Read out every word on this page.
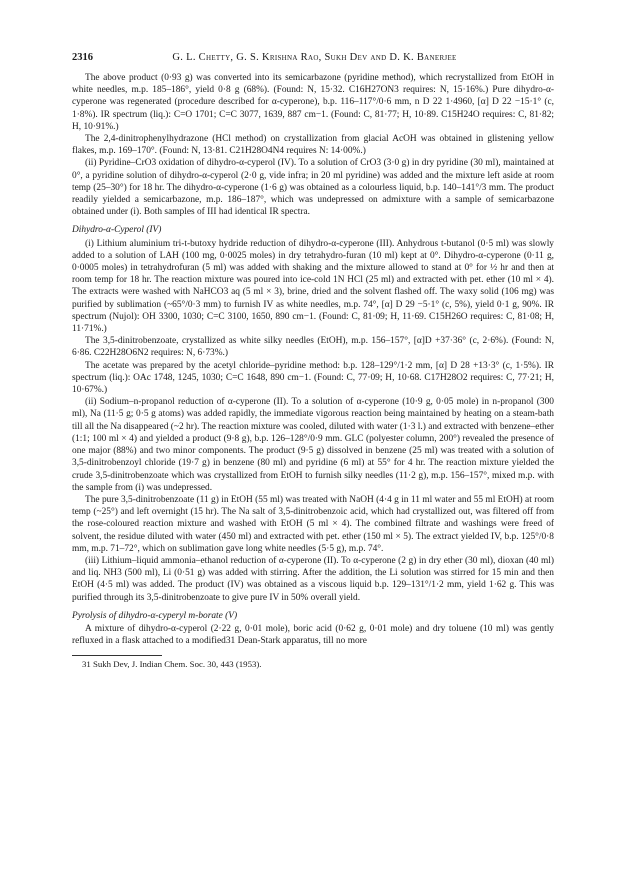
2316	G. L. Chetty, G. S. Krishna Rao, Sukh Dev and D. K. Banerjee

The above product (0·93 g) was converted into its semicarbazone (pyridine method), which recrystallized from EtOH in white needles, m.p. 185–186°, yield 0·8 g (68%). (Found: N, 15·32. C16H27ON3 requires: N, 15·16%.) Pure dihydro-α-cyperone was regenerated (procedure described for α-cyperone), b.p. 116–117°/0·6 mm, n D 22 1·4960, [α] D 22 −15·1° (c, 1·8%). IR spectrum (liq.): C=O 1701; C=C 3077, 1639, 887 cm−1. (Found: C, 81·77; H, 10·89. C15H24O requires: C, 81·82; H, 10·91%.)

The 2,4-dinitrophenylhydrazone (HCl method) on crystallization from glacial AcOH was obtained in glistening yellow flakes, m.p. 169–170°. (Found: N, 13·81. C21H28O4N4 requires N: 14·00%.)

(ii) Pyridine–CrO3 oxidation of dihydro-α-cyperol (IV). To a solution of CrO3 (3·0 g) in dry pyridine (30 ml), maintained at 0°, a pyridine solution of dihydro-α-cyperol (2·0 g, vide infra; in 20 ml pyridine) was added and the mixture left aside at room temp (25–30°) for 18 hr. The dihydro-α-cyperone (1·6 g) was obtained as a colourless liquid, b.p. 140–141°/3 mm. The product readily yielded a semicarbazone, m.p. 186–187°, which was undepressed on admixture with a sample of semicarbazone obtained under (i). Both samples of III had identical IR spectra.

Dihydro-α-Cyperol (IV)

(i) Lithium aluminium tri-t-butoxy hydride reduction of dihydro-α-cyperone (III). Anhydrous t-butanol (0·5 ml) was slowly added to a solution of LAH (100 mg, 0·0025 moles) in dry tetrahydro-furan (10 ml) kept at 0°. Dihydro-α-cyperone (0·11 g, 0·0005 moles) in tetrahydrofuran (5 ml) was added with shaking and the mixture allowed to stand at 0° for ½ hr and then at room temp for 18 hr. The reaction mixture was poured into ice-cold 1N HCl (25 ml) and extracted with pet. ether (10 ml × 4). The extracts were washed with NaHCO3 aq (5 ml × 3), brine, dried and the solvent flashed off. The waxy solid (106 mg) was purified by sublimation (~65°/0·3 mm) to furnish IV as white needles, m.p. 74°, [α] D 29 −5·1° (c, 5%), yield 0·1 g, 90%. IR spectrum (Nujol): OH 3300, 1030; C=C 3100, 1650, 890 cm−1. (Found: C, 81·09; H, 11·69. C15H26O requires: C, 81·08; H, 11·71%.)

The 3,5-dinitrobenzoate, crystallized as white silky needles (EtOH), m.p. 156–157°, [α]D +37·36° (c, 2·6%). (Found: N, 6·86. C22H28O6N2 requires: N, 6·73%.)

The acetate was prepared by the acetyl chloride–pyridine method: b.p. 128–129°/1·2 mm, [α] D 28 +13·3° (c, 1·5%). IR spectrum (liq.): OAc 1748, 1245, 1030; C=C 1648, 890 cm−1. (Found: C, 77·09; H, 10·68. C17H28O2 requires: C, 77·21; H, 10·67%.)

(ii) Sodium–n-propanol reduction of α-cyperone (II). To a solution of α-cyperone (10·9 g, 0·05 mole) in n-propanol (300 ml), Na (11·5 g; 0·5 g atoms) was added rapidly, the immediate vigorous reaction being maintained by heating on a steam-bath till all the Na disappeared (~2 hr). The reaction mixture was cooled, diluted with water (1·3 l.) and extracted with benzene–ether (1:1; 100 ml × 4) and yielded a product (9·8 g), b.p. 126–128°/0·9 mm. GLC (polyester column, 200°) revealed the presence of one major (88%) and two minor components. The product (9·5 g) dissolved in benzene (25 ml) was treated with a solution of 3,5-dinitrobenzoyl chloride (19·7 g) in benzene (80 ml) and pyridine (6 ml) at 55° for 4 hr. The reaction mixture yielded the crude 3,5-dinitrobenzoate which was crystallized from EtOH to furnish silky needles (11·2 g), m.p. 156–157°, mixed m.p. with the sample from (i) was undepressed.

The pure 3,5-dinitrobenzoate (11 g) in EtOH (55 ml) was treated with NaOH (4·4 g in 11 ml water and 55 ml EtOH) at room temp (~25°) and left overnight (15 hr). The Na salt of 3,5-dinitrobenzoic acid, which had crystallized out, was filtered off from the rose-coloured reaction mixture and washed with EtOH (5 ml × 4). The combined filtrate and washings were freed of solvent, the residue diluted with water (450 ml) and extracted with pet. ether (150 ml × 5). The extract yielded IV, b.p. 125°/0·8 mm, m.p. 71–72°, which on sublimation gave long white needles (5·5 g), m.p. 74°.

(iii) Lithium–liquid ammonia–ethanol reduction of α-cyperone (II). To α-cyperone (2 g) in dry ether (30 ml), dioxan (40 ml) and liq. NH3 (500 ml), Li (0·51 g) was added with stirring. After the addition, the Li solution was stirred for 15 min and then EtOH (4·5 ml) was added. The product (IV) was obtained as a viscous liquid b.p. 129–131°/1·2 mm, yield 1·62 g. This was purified through its 3,5-dinitrobenzoate to give pure IV in 50% overall yield.

Pyrolysis of dihydro-α-cyperyl m-borate (V)

A mixture of dihydro-α-cyperol (2·22 g, 0·01 mole), boric acid (0·62 g, 0·01 mole) and dry toluene (10 ml) was gently refluxed in a flask attached to a modified31 Dean-Stark apparatus, till no more

31 Sukh Dev, J. Indian Chem. Soc. 30, 443 (1953).
